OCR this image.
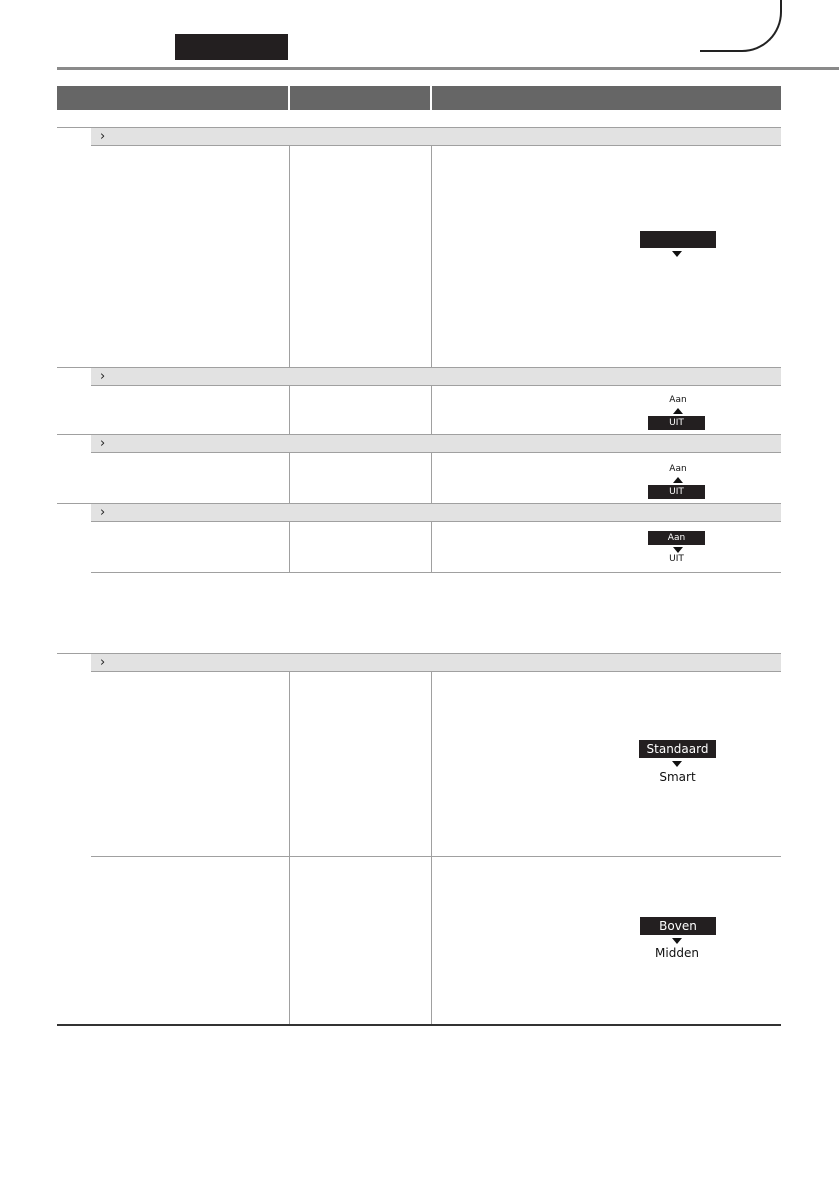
›
›
Aan
UIT
›
Aan
UIT
›
Aan
UIT
›
Standaard
Smart
Boven
Midden
